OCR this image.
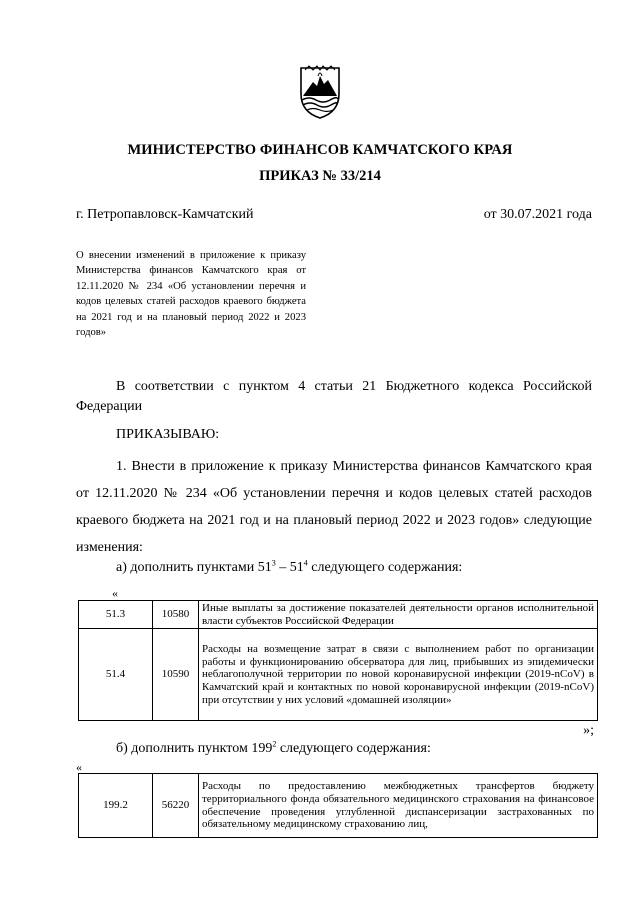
МИНИСТЕРСТВО ФИНАНСОВ КАМЧАТСКОГО КРАЯ
ПРИКАЗ № 33/214
г. Петропавловск-Камчатский	от 30.07.2021 года
О внесении изменений в приложение к приказу Министерства финансов Камчатского края от 12.11.2020 № 234 «Об установлении перечня и кодов целевых статей расходов краевого бюджета на 2021 год и на плановый период 2022 и 2023 годов»
В соответствии с пунктом 4 статьи 21 Бюджетного кодекса Российской Федерации
ПРИКАЗЫВАЮ:
1. Внести в приложение к приказу Министерства финансов Камчатского края от 12.11.2020 № 234 «Об установлении перечня и кодов целевых статей расходов краевого бюджета на 2021 год и на плановый период 2022 и 2023 годов» следующие изменения:
а) дополнить пунктами $51^3 - 51^4$ следующего содержания:
«
51.3	10580	Иные выплаты за достижение показателей деятельности органов исполнительной власти субъектов Российской Федерации
51.4	10590	Расходы на возмещение затрат в связи с выполнением работ по организации работы и функционированию обсерватора для лиц, прибывших из эпидемически неблагополучной территории по новой коронавирусной инфекции (2019-nCoV) в Камчатский край и контактных по новой коронавирусной инфекции (2019-nCoV) при отсутствии у них условий «домашней изоляции»
»;
б) дополнить пунктом $199^2$ следующего содержания:
«
199.2	56220	Расходы по предоставлению межбюджетных трансфертов бюджету территориального фонда обязательного медицинского страхования на финансовое обеспечение проведения углубленной диспансеризации застрахованных по обязательному медицинскому страхованию лиц,
